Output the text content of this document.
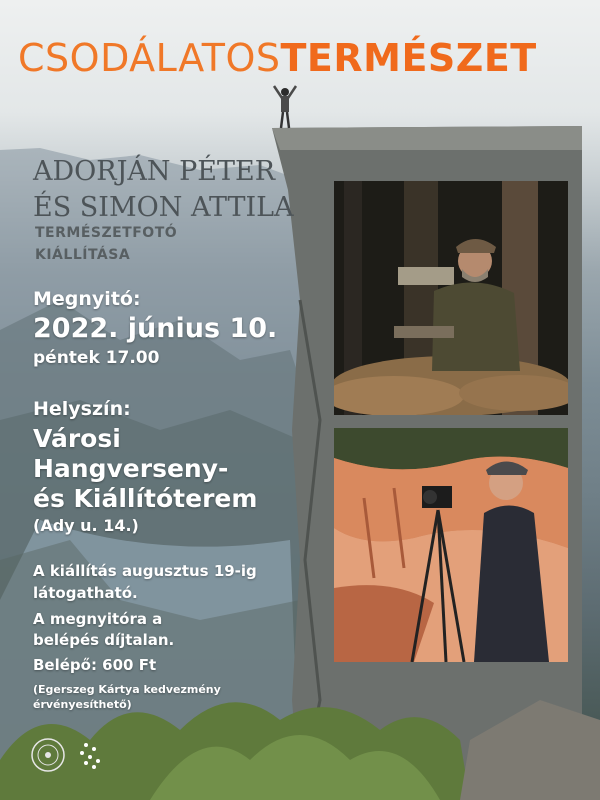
CSODÁLATOSTERMÉSZET
ADORJÁN PÉTER
ÉS SIMON ATTILA
TERMÉSZETFOTÓ
KIÁLLÍTÁSA
Megnyitó:
2022. június 10.
péntek 17.00
Helyszín:
Városi
Hangverseny-
és Kiállítóterem
(Ady u. 14.)
A kiállítás augusztus 19-ig
látogatható.
A megnyitóra a
belépés díjtalan.
Belépő: 600 Ft
(Egerszeg Kártya kedvezmény
érvényesíthető)
